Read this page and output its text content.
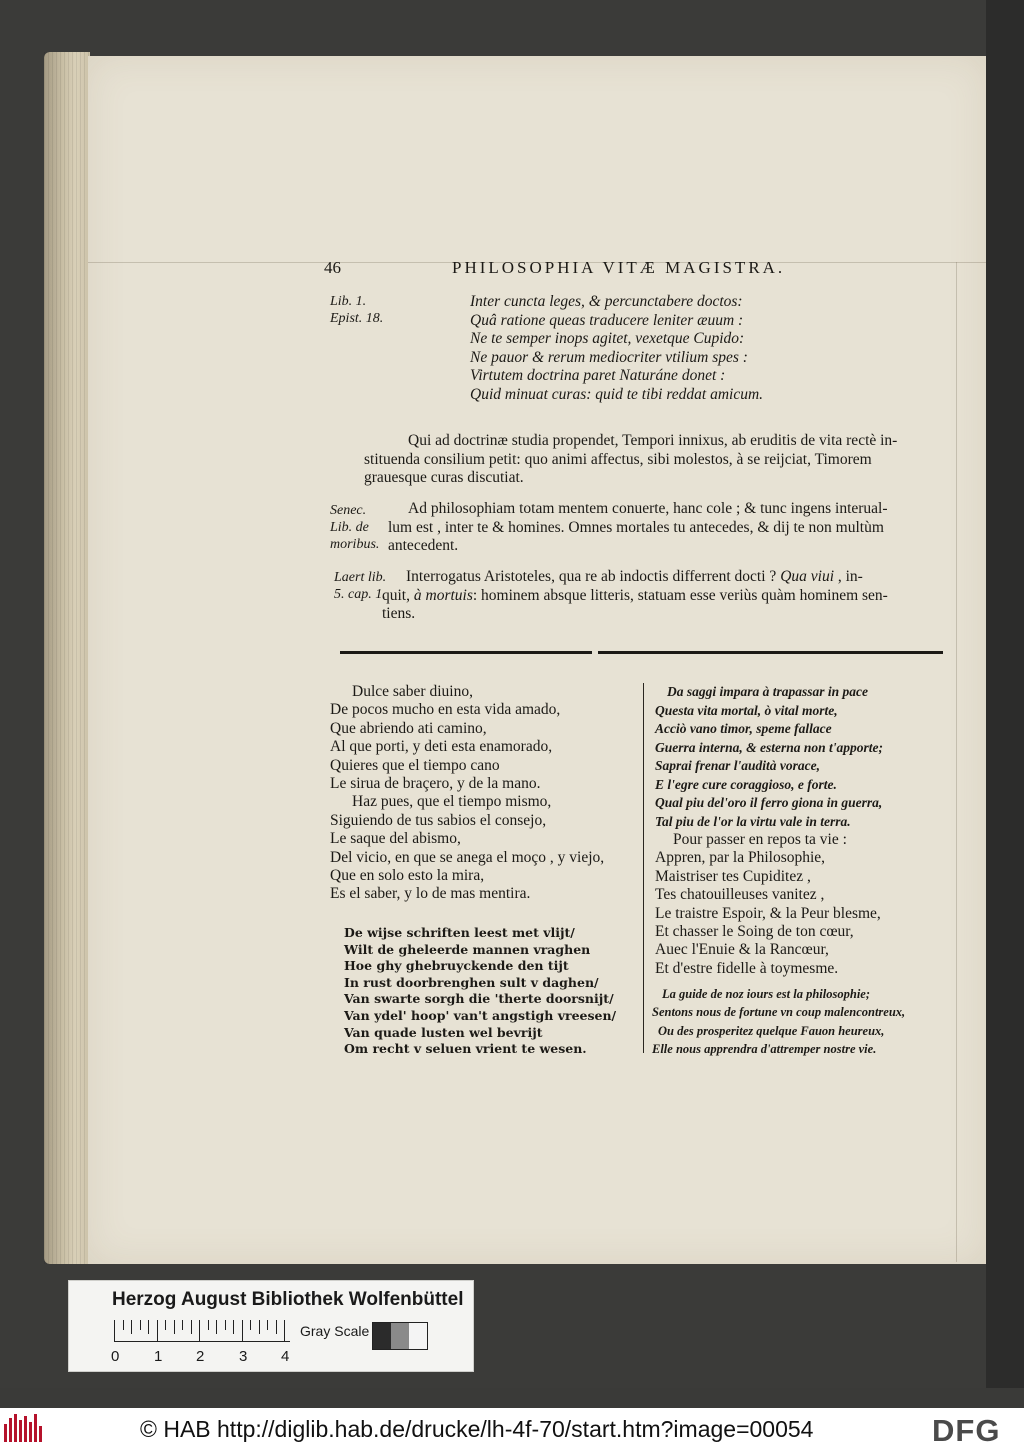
46	PHILOSOPHIA VITÆ MAGISTRA.
Lib. 1.
Epist. 18.
Senec.
Lib. de
moribus.
Laert lib.
5. cap. 1.
Inter cuncta leges, & percunctabere doctos:
Quâ ratione queas traducere leniter æuum :
Ne te semper inops agitet, vexetque Cupido:
Ne pauor & rerum mediocriter vtilium spes :
Virtutem doctrina paret Naturáne donet :
Quid minuat curas: quid te tibi reddat amicum.
Qui ad doctrinæ studia propendet, Tempori innixus, ab eruditis de vita rectè in-
stituenda consilium petit: quo animi affectus, sibi molestos, à se reijciat, Timorem
grauesque curas discutiat.
Ad philosophiam totam mentem conuerte, hanc cole ; & tunc ingens interual-
lum est , inter te & homines. Omnes mortales tu antecedes, & dij te non multùm
antecedent.
Interrogatus Aristoteles, qua re ab indoctis differrent docti ? Qua viui , in-
quit, à mortuis: hominem absque litteris, statuam esse veriùs quàm hominem sen-
tiens.
Dulce saber diuino,
De pocos mucho en esta vida amado,
Que abriendo ati camino,
Al que porti, y deti esta enamorado,
Quieres que el tiempo cano
Le sirua de braçero, y de la mano.
Haz pues, que el tiempo mismo,
Siguiendo de tus sabios el consejo,
Le saque del abismo,
Del vicio, en que se anega el moço , y viejo,
Que en solo esto la mira,
Es el saber, y lo de mas mentira.
De wijse schriften leest met vlijt/
Wilt de gheleerde mannen vraghen
Hoe ghy ghebruyckende den tijt
In rust doorbrenghen sult v daghen/
Van swarte sorgh die 'therte doorsnijt/
Van ydel' hoop' van't angstigh vreesen/
Van quade lusten wel bevrijt
Om recht v seluen vrient te wesen.
Da saggi impara à trapassar in pace
Questa vita mortal, ò vital morte,
Acciò vano timor, speme fallace
Guerra interna, & esterna non t'apporte;
Saprai frenar l'audità vorace,
E l'egre cure coraggioso, e forte.
Qual piu del'oro il ferro giona in guerra,
Tal piu de l'or la virtu vale in terra.
Pour passer en repos ta vie :
Appren, par la Philosophie,
Maistriser tes Cupiditez ,
Tes chatouilleuses vanitez ,
Le traistre Espoir, & la Peur blesme,
Et chasser le Soing de ton cœur,
Auec l'Enuie & la Rancœur,
Et d'estre fidelle à toymesme.
La guide de noz iours est la philosophie;
Sentons nous de fortune vn coup malencontreux,
Ou des prosperitez quelque Fauon heureux,
Elle nous apprendra d'attremper nostre vie.
Herzog August Bibliothek Wolfenbüttel
Gray Scale
0 1 2 3 4
© HAB http://diglib.hab.de/drucke/lh-4f-70/start.htm?image=00054	DFG
